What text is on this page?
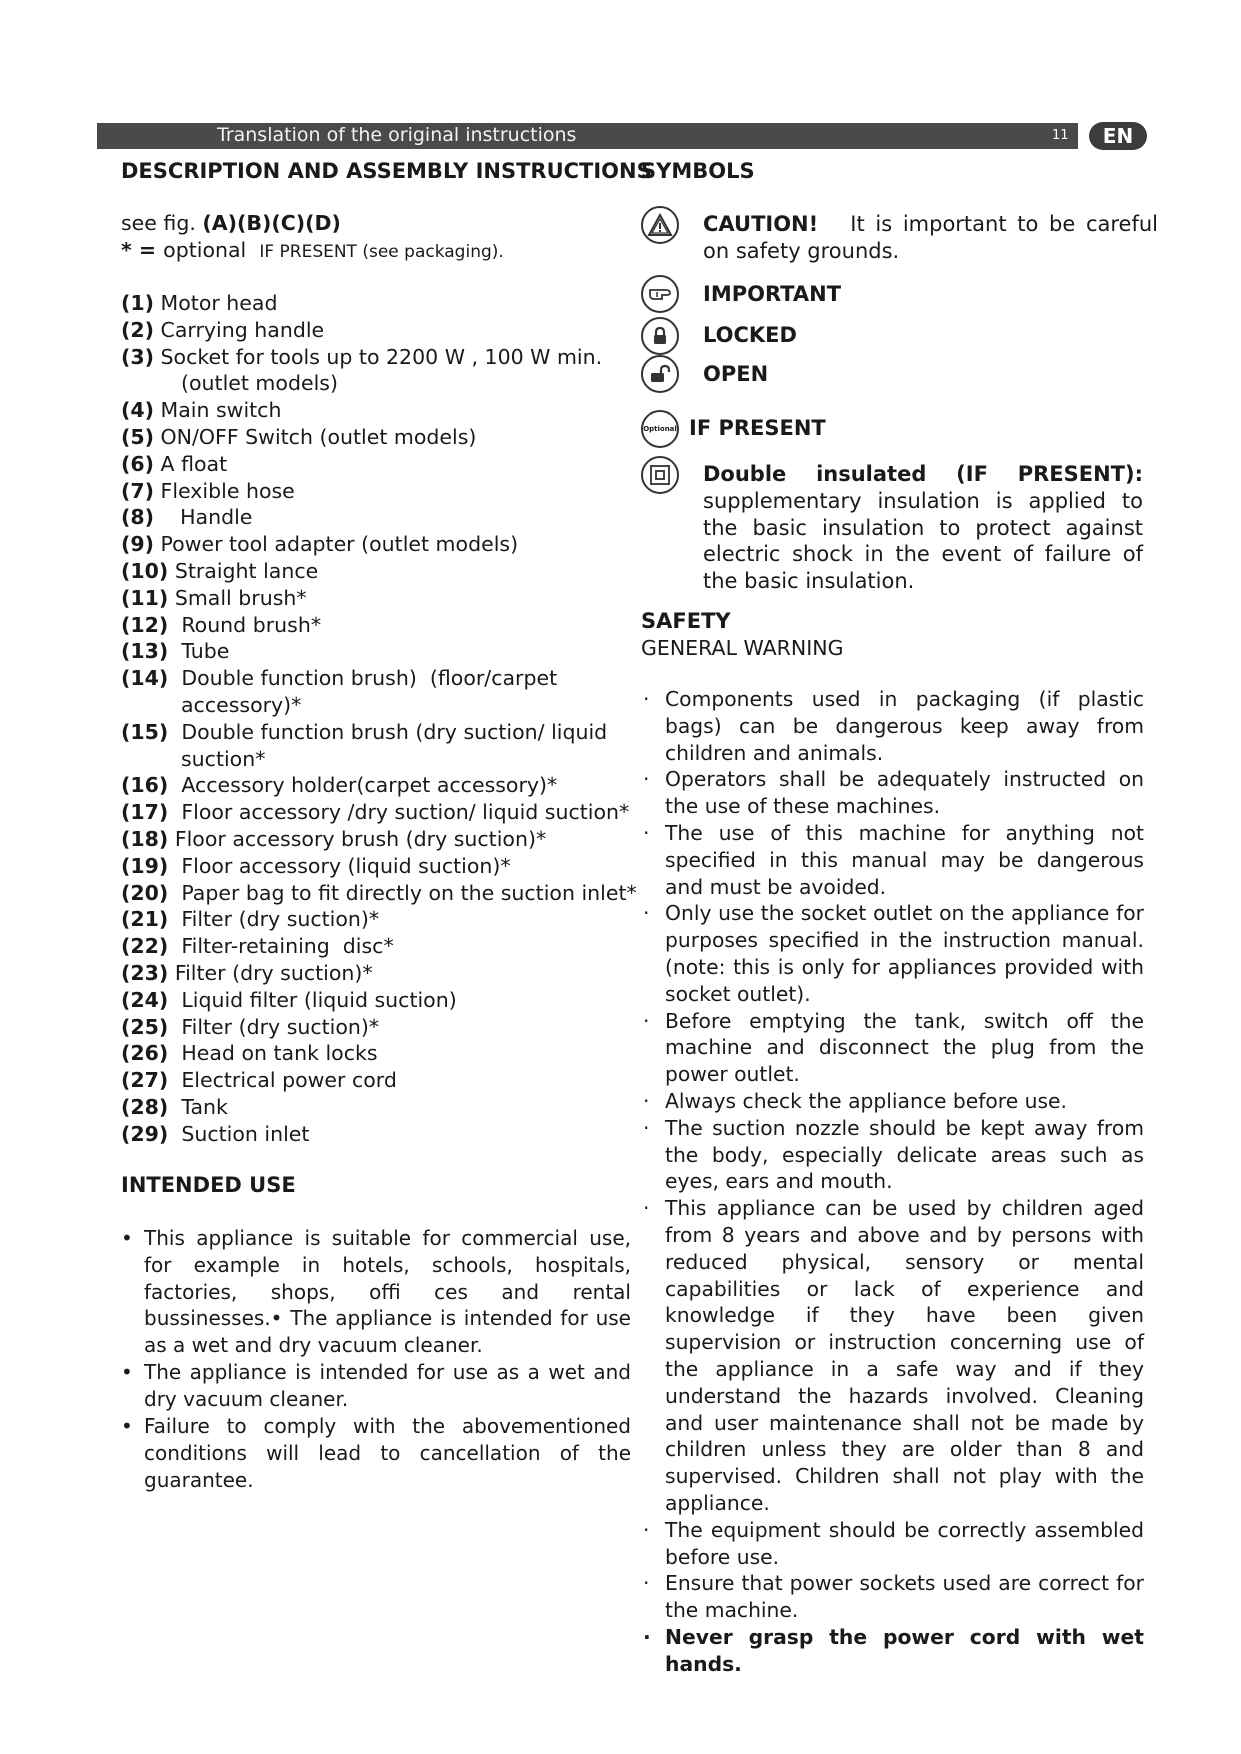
Translation of the original instructions	11	EN
DESCRIPTION AND ASSEMBLY INSTRUCTIONS
see fig. (A)(B)(C)(D)
* = optional IF PRESENT (see packaging).
(1) Motor head
(2) Carrying handle
(3) Socket for tools up to 2200 W , 100 W min.
(outlet models)
(4) Main switch
(5) ON/OFF Switch (outlet models)
(6) A float
(7) Flexible hose
(8)    Handle
(9) Power tool adapter (outlet models)
(10) Straight lance
(11) Small brush*
(12)  Round brush*
(13)  Tube
(14)  Double function brush)  (floor/carpet
accessory)*
(15)  Double function brush (dry suction/ liquid
suction*
(16)  Accessory holder(carpet accessory)*
(17)  Floor accessory /dry suction/ liquid suction*
(18) Floor accessory brush (dry suction)*
(19)  Floor accessory (liquid suction)*
(20)  Paper bag to fit directly on the suction inlet*
(21)  Filter (dry suction)*
(22)  Filter-retaining  disc*
(23) Filter (dry suction)*
(24)  Liquid filter (liquid suction)
(25)  Filter (dry suction)*
(26)  Head on tank locks
(27)  Electrical power cord
(28)  Tank
(29)  Suction inlet
INTENDED USE
• This appliance is suitable for commercial use, for example in hotels, schools, hospitals, factories, shops, offi ces and rental bussinesses.• The appliance is intended for use as a wet and dry vacuum cleaner.
• The appliance is intended for use as a wet and dry vacuum cleaner.
• Failure to comply with the abovementioned conditions will lead to cancellation of the guarantee.
SYMBOLS
CAUTION! It is important to be careful on safety grounds.
IMPORTANT
LOCKED
OPEN
Optional IF PRESENT
Double insulated (IF PRESENT): supplementary insulation is applied to the basic insulation to protect against electric shock in the event of failure of the basic insulation.
SAFETY
GENERAL WARNING
· Components used in packaging (if plastic bags) can be dangerous keep away from children and animals.
· Operators shall be adequately instructed on the use of these machines.
· The use of this machine for anything not specified in this manual may be dangerous and must be avoided.
· Only use the socket outlet on the appliance for purposes specified in the instruction manual. (note: this is only for appliances provided with socket outlet).
· Before emptying the tank, switch off the machine and disconnect the plug from the power outlet.
· Always check the appliance before use.
· The suction nozzle should be kept away from the body, especially delicate areas such as eyes, ears and mouth.
· This appliance can be used by children aged from 8 years and above and by persons with reduced physical, sensory or mental capabilities or lack of experience and knowledge if they have been given supervision or instruction concerning use of the appliance in a safe way and if they understand the hazards involved. Cleaning and user maintenance shall not be made by children unless they are older than 8 and supervised. Children shall not play with the appliance.
· The equipment should be correctly assembled before use.
· Ensure that power sockets used are correct for the machine.
· Never grasp the power cord with wet hands.
